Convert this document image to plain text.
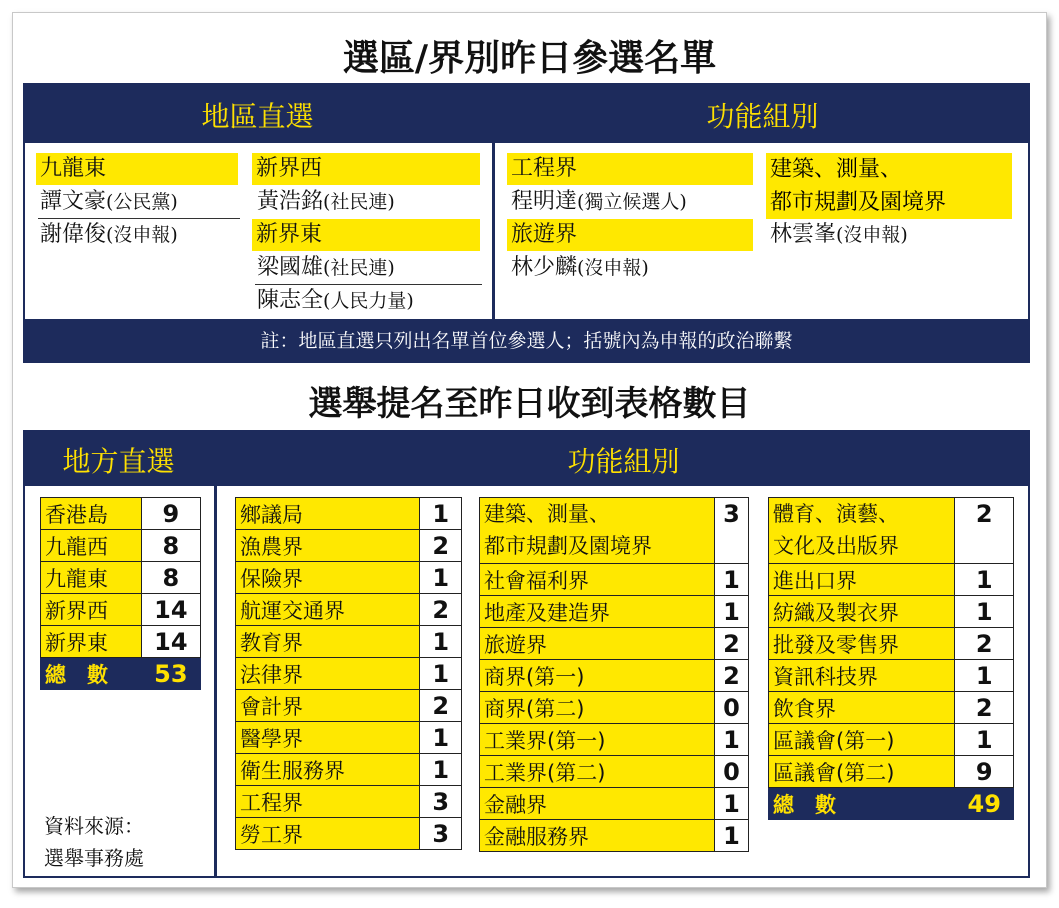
選區/界別昨日參選名單
地區直選	功能組別
九龍東
譚文豪(公民黨)
謝偉俊(沒申報)
新界西
黃浩銘(社民連)
新界東
梁國雄(社民連)
陳志全(人民力量)
工程界
程明達(獨立候選人)
旅遊界
林少麟(沒申報)
建築、測量、
都市規劃及園境界
林雲峯(沒申報)
註：地區直選只列出名單首位參選人；括號內為申報的政治聯繫
選舉提名至昨日收到表格數目
地方直選	功能組別
香港島	9
九龍西	8
九龍東	8
新界西	14
新界東	14
總　數	53
鄉議局	1
漁農界	2
保險界	1
航運交通界	2
教育界	1
法律界	1
會計界	2
醫學界	1
衛生服務界	1
工程界	3
勞工界	3
建築、測量、
都市規劃及園境界	3
社會福利界	1
地產及建造界	1
旅遊界	2
商界(第一)	2
商界(第二)	0
工業界(第一)	1
工業界(第二)	0
金融界	1
金融服務界	1
體育、演藝、
文化及出版界	2
進出口界	1
紡織及製衣界	1
批發及零售界	2
資訊科技界	1
飲食界	2
區議會(第一)	1
區議會(第二)	9
總　數	49
資料來源：
選舉事務處
